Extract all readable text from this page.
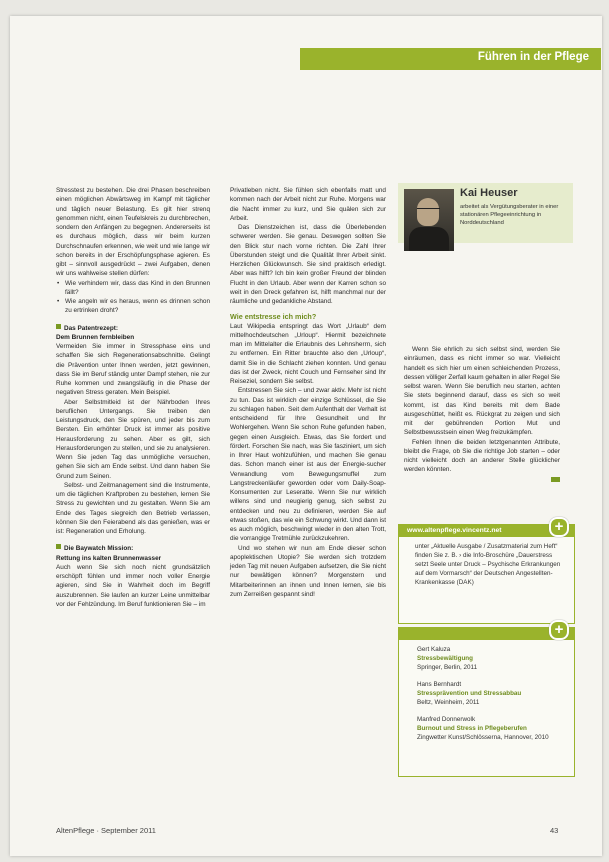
Führen in der Pflege

Stresstest zu bestehen. Die drei Phasen beschreiben einen möglichen Abwärtsweg im Kampf mit täglicher und täglich neuer Belastung. Es gilt hier strenq genommen nicht, einen Teufelskreis zu durchbrechen, sondern den Anfängen zu begegnen. Andererseits ist es durchaus möglich, dass wir beim kurzen Durchschnaufen erkennen, wie weit und wie lange wir schon bereits in der Erschöpfungsphase agieren. Es gibt – sinnvoll ausgedrückt – zwei Aufgaben, denen wir uns wahlweise stellen dürfen:

• Wie verhindern wir, dass das Kind in den Brunnen fällt?
• Wie angeln wir es heraus, wenn es drinnen schon zu ertrinken droht?

Das Patentrezept:

Dem Brunnen fernbleiben

Vermeiden Sie immer in Stressphase eins und schaffen Sie sich Regenerationsabschnitte. Gelingt die Prävention unter Ihnen werden, jetzt gewinnen, dass Sie im Beruf ständig unter Dampf stehen, nie zur Ruhe kommen und zwangsläufig in die Phase der negativen Stress geraten. Mein Beispiel.

Aber Selbstmitleid ist der Nährboden Ihres beruflichen Untergangs. Sie treiben den Leistungsdruck, den Sie spüren, und jeder bis zum Bersten. Ein erhöhter Druck ist immer als positive Herausforderung zu sehen. Aber es gilt, sich Herausforderungen zu stellen, und sie zu analysieren. Wenn Sie jeden Tag das unmögliche versuchen, gehen Sie sich am Ende selbst. Und dann haben Sie Grund zum Seinen.

Selbst- und Zeitmanagement sind die Instrumente, um die täglichen Kraftproben zu bestehen, lernen Sie Stress zu gewichten und zu gestalten. Wenn Sie am Ende des Tages siegreich den Betrieb verlassen, können Sie den Feierabend als das genießen, was er ist: Regeneration und Erholung.

Die Baywatch Mission:

Rettung ins kalten Brunnenwasser

Auch wenn Sie sich noch nicht grundsätzlich erschöpft fühlen und immer noch voller Energie agieren, sind Sie in Wahrheit doch im Begriff auszubrennen. Sie laufen an kurzer Leine unmittelbar vor der Fehlzündung. Im Beruf funktionieren Sie – im

Privatleben nicht. Sie fühlen sich ebenfalls matt und kommen nach der Arbeit nicht zur Ruhe. Morgens war die Nacht immer zu kurz, und Sie quälen sich zur Arbeit.

Das Dienstzeichen ist, dass die Überlebenden schwerer werden. Sie genau. Deswegen sollten Sie den Blick stur nach vorne richten. Die Zahl Ihrer Überstunden steigt und die Qualität Ihrer Arbeit sinkt. Herzlichen Glückwunsch. Sie sind praktisch erledigt. Aber was hilft? Ich bin kein großer Freund der blinden Flucht in den Urlaub. Aber wenn der Karren schon so weit in den Dreck gefahren ist, hilft manchmal nur der räumliche und gedankliche Abstand.

Wie entstresse ich mich?

Laut Wikipedia entspringt das Wort „Urlaub“ dem mittelhochdeutschen „Urloup“. Hiermit bezeichnete man im Mittelalter die Erlaubnis des Lehnsherrn, sich zu entfernen. Ein Ritter brauchte also den „Urloup“, damit Sie in die Schlacht ziehen konnten. Und genau das ist der Zweck, nicht Couch und Fernseher sind Ihr Reiseziel, sondern Sie selbst.

Entstressen Sie sich – und zwar aktiv. Mehr ist nicht zu tun. Das ist wirklich der einzige Schlüssel, die Sie zu schlagen haben. Seit dem Aufenthalt der Verhalt ist entscheidend für Ihre Gesundheit und Ihr Wohlergehen. Wenn Sie schon Ruhe gefunden haben, gegen einen Ausgleich. Etwas, das Sie fordert und fördert. Forschen Sie nach, was Sie fasziniert, um sich in Ihrer Haut wohlzufühlen, und machen Sie genau das. Schon manch einer ist aus der Energie-sucher Verwandlung vom Bewegungsmuffel zum Langstreckenläufer geworden oder vom Daily-Soap-Konsumenten zur Leseratte. Wenn Sie nur wirklich willens sind und neugierig genug, sich selbst zu entdecken und neu zu definieren, werden Sie auf etwas stoßen, das wie ein Schwung wirkt. Und dann ist es auch möglich, beschwingt wieder in den alten Trott, die vorrangige Tretmühle zurückzukehren.

Und wo stehen wir nun am Ende dieser schon apoplektischen Utopie? Sie werden sich trotzdem jeden Tag mit neuen Aufgaben aufsetzen, die Sie nicht nur bewältigen können? Morgenstern und Mitarbeiterinnen an ihnen und lnnen lernen, sie bis zum Zerreißen gespannt sind!

Kai Heuser
arbeitet als Vergütungsberater in einer stationären Pflegeeinrichtung in Norddeutschland

Wenn Sie ehrlich zu sich selbst sind, werden Sie einräumen, dass es nicht immer so war. Vielleicht handelt es sich hier um einen schleichenden Prozess, dessen völliger Zerfall kaum gehalten in aller Regel Sie selbst waren. Wenn Sie beruflich neu starten, achten Sie stets beginnend darauf, dass es sich so weit kommt, ist das Kind bereits mit dem Bade ausgeschüttet, heißt es. Rückgrat zu zeigen und sich mit der gebührenden Portion Mut und Selbstbewusstsein einen Weg freizukämpfen.

Fehlen Ihnen die beiden letztgenannten Attribute, bleibt die Frage, ob Sie die richtige Job starten – oder nicht vielleicht doch an anderer Stelle glücklicher werden könnten.

www.altenpflege.vincentz.net
unter „Aktuelle Ausgabe / Zusatzmaterial zum Heft“ finden Sie z. B. › die Info-Broschüre „Dauerstress setzt Seele unter Druck – Psychische Erkrankungen auf dem Vormarsch“ der Deutschen Angestellten-Krankenkasse (DAK)
+
Gert Kaluza
Stressbewältigung
Springer, Berlin, 2011
Hans Bernhardt
Stressprävention und Stressabbau
Beltz, Weinheim, 2011
Manfred Donnerwolk
Burnout und Stress in Pflegeberufen
Zingwetter Kunst/Schlösserna, Hannover, 2010
+
AltenPflege · September 2011	43
